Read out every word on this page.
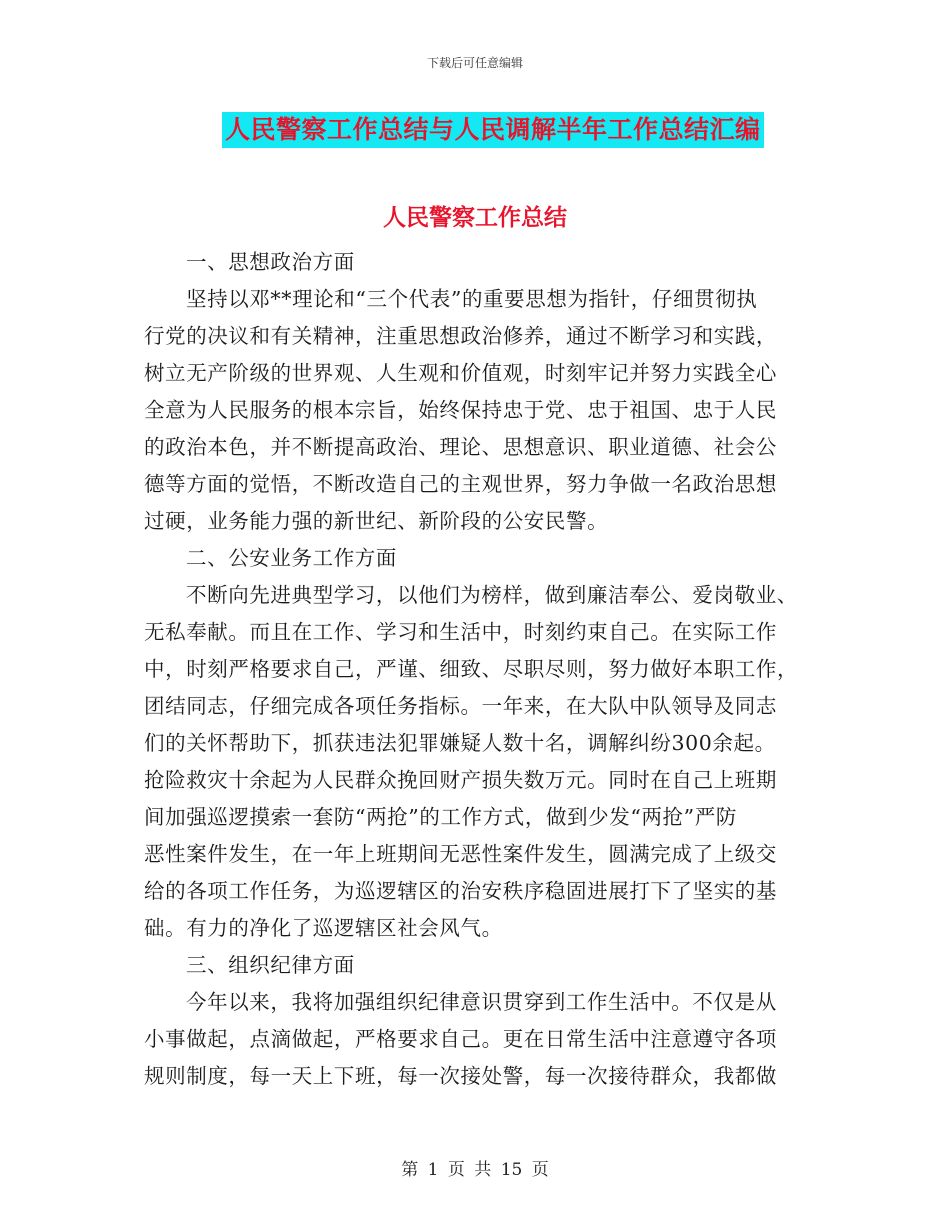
下载后可任意编辑
人民警察工作总结与人民调解半年工作总结汇编
人民警察工作总结
一、思想政治方面
坚持以邓**理论和“三个代表”的重要思想为指针，仔细贯彻执
行党的决议和有关精神，注重思想政治修养，通过不断学习和实践，
树立无产阶级的世界观、人生观和价值观，时刻牢记并努力实践全心
全意为人民服务的根本宗旨，始终保持忠于党、忠于祖国、忠于人民
的政治本色，并不断提高政治、理论、思想意识、职业道德、社会公
德等方面的觉悟，不断改造自己的主观世界，努力争做一名政治思想
过硬，业务能力强的新世纪、新阶段的公安民警。
二、公安业务工作方面
不断向先进典型学习，以他们为榜样，做到廉洁奉公、爱岗敬业、
无私奉献。而且在工作、学习和生活中，时刻约束自己。在实际工作
中，时刻严格要求自己，严谨、细致、尽职尽则，努力做好本职工作，
团结同志，仔细完成各项任务指标。一年来，在大队中队领导及同志
们的关怀帮助下，抓获违法犯罪嫌疑人数十名，调解纠纷300余起。
抢险救灾十余起为人民群众挽回财产损失数万元。同时在自己上班期
间加强巡逻摸索一套防“两抢”的工作方式，做到少发“两抢”严防
恶性案件发生，在一年上班期间无恶性案件发生，圆满完成了上级交
给的各项工作任务，为巡逻辖区的治安秩序稳固进展打下了坚实的基
础。有力的净化了巡逻辖区社会风气。
三、组织纪律方面
今年以来，我将加强组织纪律意识贯穿到工作生活中。不仅是从
小事做起，点滴做起，严格要求自己。更在日常生活中注意遵守各项
规则制度，每一天上下班，每一次接处警，每一次接待群众，我都做
第 1 页 共 15 页
